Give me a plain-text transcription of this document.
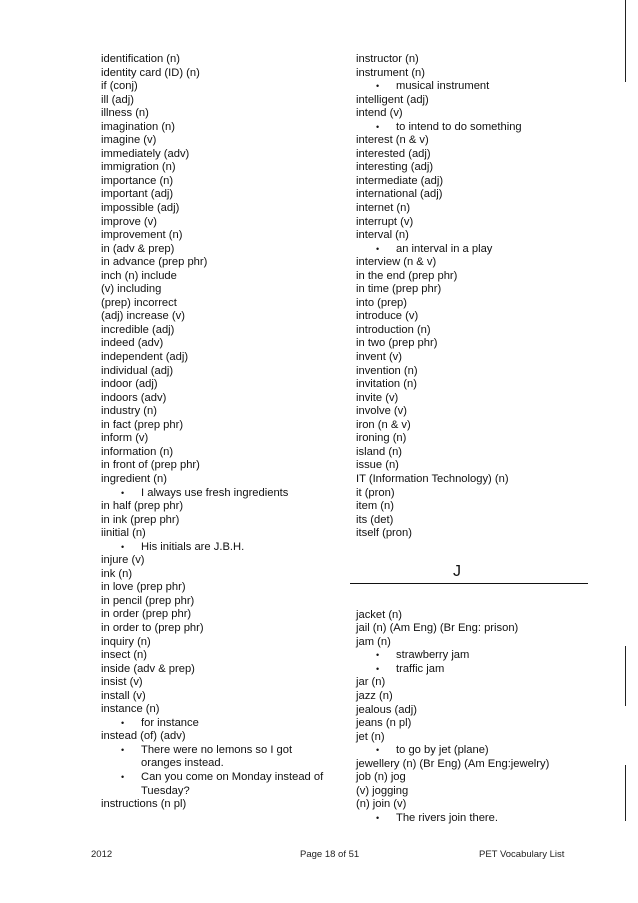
identification (n)
identity card (ID) (n)
if (conj)
ill (adj)
illness (n)
imagination (n)
imagine (v)
immediately (adv)
immigration (n)
importance (n)
important (adj)
impossible (adj)
improve (v)
improvement (n)
in (adv & prep)
in advance (prep phr)
inch (n) include
(v) including
(prep) incorrect
(adj) increase (v)
incredible (adj)
indeed (adv)
independent (adj)
individual (adj)
indoor (adj)
indoors (adv)
industry (n)
in fact (prep phr)
inform (v)
information (n)
in front of (prep phr)
ingredient (n)
• I always use fresh ingredients
in half (prep phr)
in ink (prep phr)
iinitial (n)
• His initials are J.B.H.
injure (v)
ink (n)
in love (prep phr)
in pencil (prep phr)
in order (prep phr)
in order to (prep phr)
inquiry (n)
insect (n)
inside (adv & prep)
insist (v)
install (v)
instance (n)
• for instance
instead (of) (adv)
• There were no lemons so I got oranges instead.
• Can you come on Monday instead of Tuesday?
instructions (n pl)
instructor (n)
instrument (n)
• musical instrument
intelligent (adj)
intend (v)
• to intend to do something
interest (n & v)
interested (adj)
interesting (adj)
intermediate (adj)
international (adj)
internet (n)
interrupt (v)
interval (n)
• an interval in a play
interview (n & v)
in the end (prep phr)
in time (prep phr)
into (prep)
introduce (v)
introduction (n)
in two (prep phr)
invent (v)
invention (n)
invitation (n)
invite (v)
involve (v)
iron (n & v)
ironing (n)
island (n)
issue (n)
IT (Information Technology) (n)
it (pron)
item (n)
its (det)
itself (pron)
J
jacket (n)
jail (n) (Am Eng) (Br Eng: prison)
jam (n)
• strawberry jam
• traffic jam
jar (n)
jazz (n)
jealous (adj)
jeans (n pl)
jet (n)
• to go by jet (plane)
jewellery (n) (Br Eng) (Am Eng:jewelry)
job (n) jog
(v) jogging
(n) join (v)
• The rivers join there.
2012	Page 18 of 51	PET Vocabulary List
